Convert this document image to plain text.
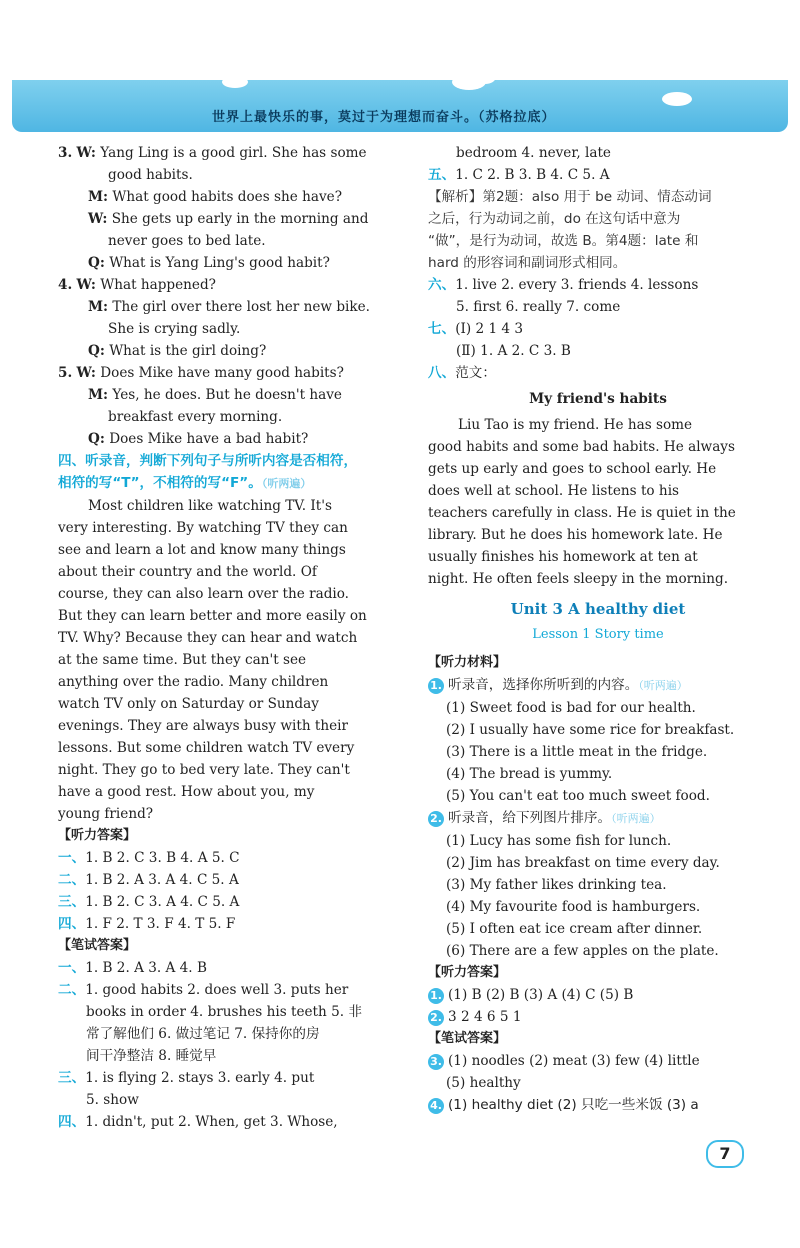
世界上最快乐的事，莫过于为理想而奋斗。（苏格拉底）
3. W: Yang Ling is a good girl. She has some
good habits.
M: What good habits does she have?
W: She gets up early in the morning and
never goes to bed late.
Q: What is Yang Ling's good habit?
4. W: What happened?
M: The girl over there lost her new bike.
She is crying sadly.
Q: What is the girl doing?
5. W: Does Mike have many good habits?
M: Yes, he does. But he doesn't have
breakfast every morning.
Q: Does Mike have a bad habit?
四、听录音，判断下列句子与所听内容是否相符，
相符的写“T”，不相符的写“F”。（听两遍）
Most children like watching TV. It's
very interesting. By watching TV they can
see and learn a lot and know many things
about their country and the world. Of
course, they can also learn over the radio.
But they can learn better and more easily on
TV. Why? Because they can hear and watch
at the same time. But they can't see
anything over the radio. Many children
watch TV only on Saturday or Sunday
evenings. They are always busy with their
lessons. But some children watch TV every
night. They go to bed very late. They can't
have a good rest. How about you, my
young friend?
【听力答案】
一、1. B 2. C 3. B 4. A 5. C
二、1. B 2. A 3. A 4. C 5. A
三、1. B 2. C 3. A 4. C 5. A
四、1. F 2. T 3. F 4. T 5. F
【笔试答案】
一、1. B 2. A 3. A 4. B
二、1. good habits 2. does well 3. puts her
books in order 4. brushes his teeth 5. 非
常了解他们 6. 做过笔记 7. 保持你的房
间干净整洁 8. 睡觉早
三、1. is flying 2. stays 3. early 4. put
5. show
四、1. didn't, put 2. When, get 3. Whose,
bedroom 4. never, late
五、1. C 2. B 3. B 4. C 5. A
【解析】第2题：also 用于 be 动词、情态动词
之后，行为动词之前，do 在这句话中意为
“做”，是行为动词，故选 B。第4题：late 和
hard 的形容词和副词形式相同。
六、1. live 2. every 3. friends 4. lessons
5. first 6. really 7. come
七、(Ⅰ) 2 1 4 3
(Ⅱ) 1. A 2. C 3. B
八、范文：
My friend's habits
Liu Tao is my friend. He has some
good habits and some bad habits. He always
gets up early and goes to school early. He
does well at school. He listens to his
teachers carefully in class. He is quiet in the
library. But he does his homework late. He
usually finishes his homework at ten at
night. He often feels sleepy in the morning.
Unit 3 A healthy diet
Lesson 1 Story time
【听力材料】
1. 听录音，选择你所听到的内容。（听两遍）
(1) Sweet food is bad for our health.
(2) I usually have some rice for breakfast.
(3) There is a little meat in the fridge.
(4) The bread is yummy.
(5) You can't eat too much sweet food.
2. 听录音，给下列图片排序。（听两遍）
(1) Lucy has some fish for lunch.
(2) Jim has breakfast on time every day.
(3) My father likes drinking tea.
(4) My favourite food is hamburgers.
(5) I often eat ice cream after dinner.
(6) There are a few apples on the plate.
【听力答案】
1. (1) B (2) B (3) A (4) C (5) B
2. 3 2 4 6 5 1
【笔试答案】
3. (1) noodles (2) meat (3) few (4) little
(5) healthy
4. (1) healthy diet (2) 只吃一些米饭 (3) a
7
